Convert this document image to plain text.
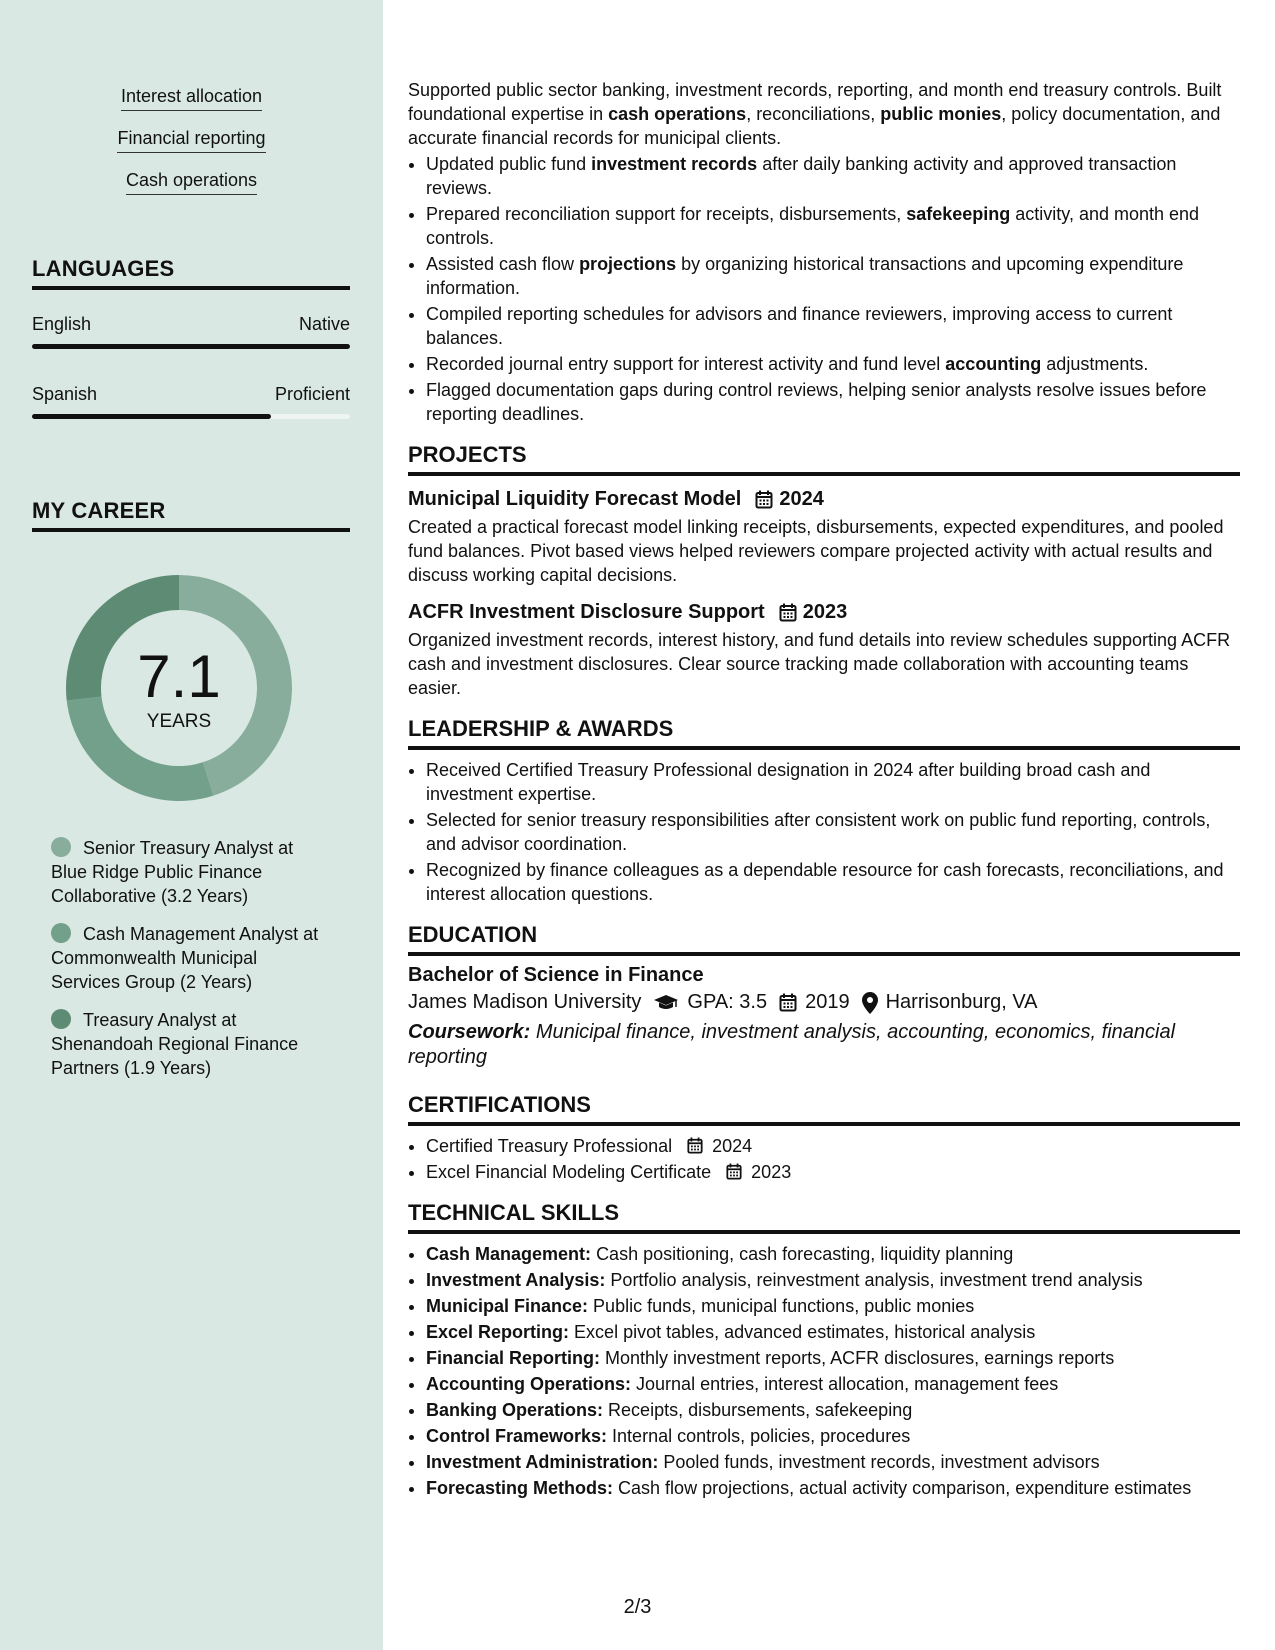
Interest allocation
Financial reporting
Cash operations
LANGUAGES
English	Native
Spanish	Proficient
MY CAREER
7.1
YEARS
Senior Treasury Analyst at Blue Ridge Public Finance Collaborative (3.2 Years)
Cash Management Analyst at Commonwealth Municipal Services Group (2 Years)
Treasury Analyst at Shenandoah Regional Finance Partners (1.9 Years)

Supported public sector banking, investment records, reporting, and month end treasury controls. Built foundational expertise in cash operations, reconciliations, public monies, policy documentation, and accurate financial records for municipal clients.

• Updated public fund investment records after daily banking activity and approved transaction reviews.
• Prepared reconciliation support for receipts, disbursements, safekeeping activity, and month end controls.
• Assisted cash flow projections by organizing historical transactions and upcoming expenditure information.
• Compiled reporting schedules for advisors and finance reviewers, improving access to current balances.
• Recorded journal entry support for interest activity and fund level accounting adjustments.
• Flagged documentation gaps during control reviews, helping senior analysts resolve issues before reporting deadlines.
PROJECTS
Municipal Liquidity Forecast Model 2024

Created a practical forecast model linking receipts, disbursements, expected expenditures, and pooled fund balances. Pivot based views helped reviewers compare projected activity with actual results and discuss working capital decisions.

ACFR Investment Disclosure Support 2023

Organized investment records, interest history, and fund details into review schedules supporting ACFR cash and investment disclosures. Clear source tracking made collaboration with accounting teams easier.

LEADERSHIP & AWARDS
• Received Certified Treasury Professional designation in 2024 after building broad cash and investment expertise.
• Selected for senior treasury responsibilities after consistent work on public fund reporting, controls, and advisor coordination.
• Recognized by finance colleagues as a dependable resource for cash forecasts, reconciliations, and interest allocation questions.
EDUCATION
Bachelor of Science in Finance
James Madison University GPA: 3.5 2019 Harrisonburg, VA
Coursework: Municipal finance, investment analysis, accounting, economics, financial reporting
CERTIFICATIONS
• Certified Treasury Professional 2024
• Excel Financial Modeling Certificate 2023
TECHNICAL SKILLS
• Cash Management: Cash positioning, cash forecasting, liquidity planning
• Investment Analysis: Portfolio analysis, reinvestment analysis, investment trend analysis
• Municipal Finance: Public funds, municipal functions, public monies
• Excel Reporting: Excel pivot tables, advanced estimates, historical analysis
• Financial Reporting: Monthly investment reports, ACFR disclosures, earnings reports
• Accounting Operations: Journal entries, interest allocation, management fees
• Banking Operations: Receipts, disbursements, safekeeping
• Control Frameworks: Internal controls, policies, procedures
• Investment Administration: Pooled funds, investment records, investment advisors
• Forecasting Methods: Cash flow projections, actual activity comparison, expenditure estimates
2/3
